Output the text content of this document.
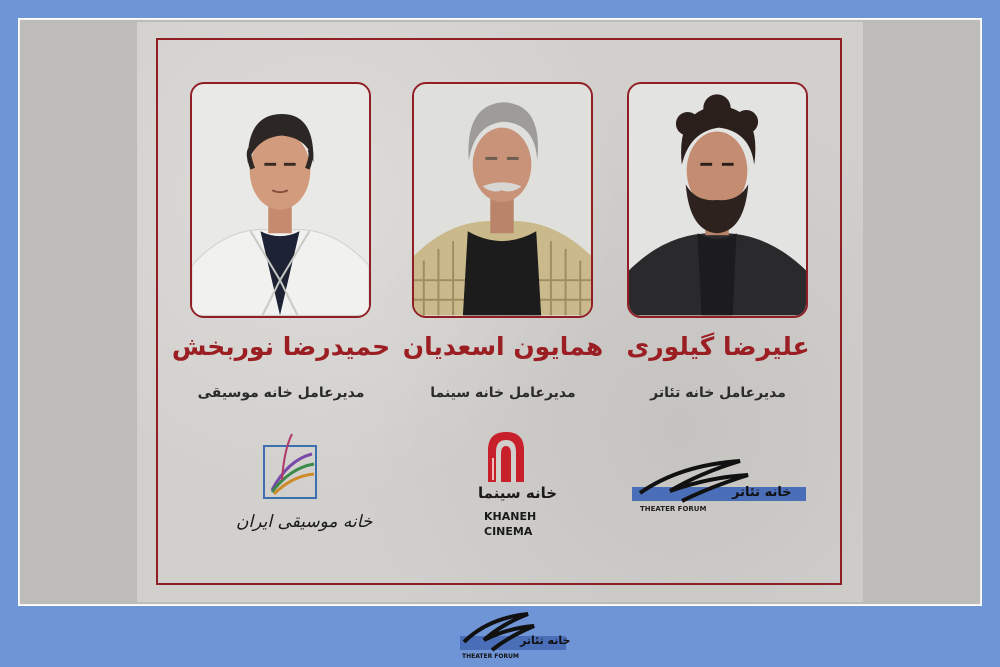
حمیدرضا نوربخش همایون اسعدیان علیرضا گیلوری
مدیرعامل خانه موسیقی	مدیرعامل خانه سینما	مدیرعامل خانه تئاتر
خانه موسیقی ایران
خانه سینما
KHANEH
CINEMA
خانه تئاتر
THEATER FORUM
خانه تئاتر
THEATER FORUM
